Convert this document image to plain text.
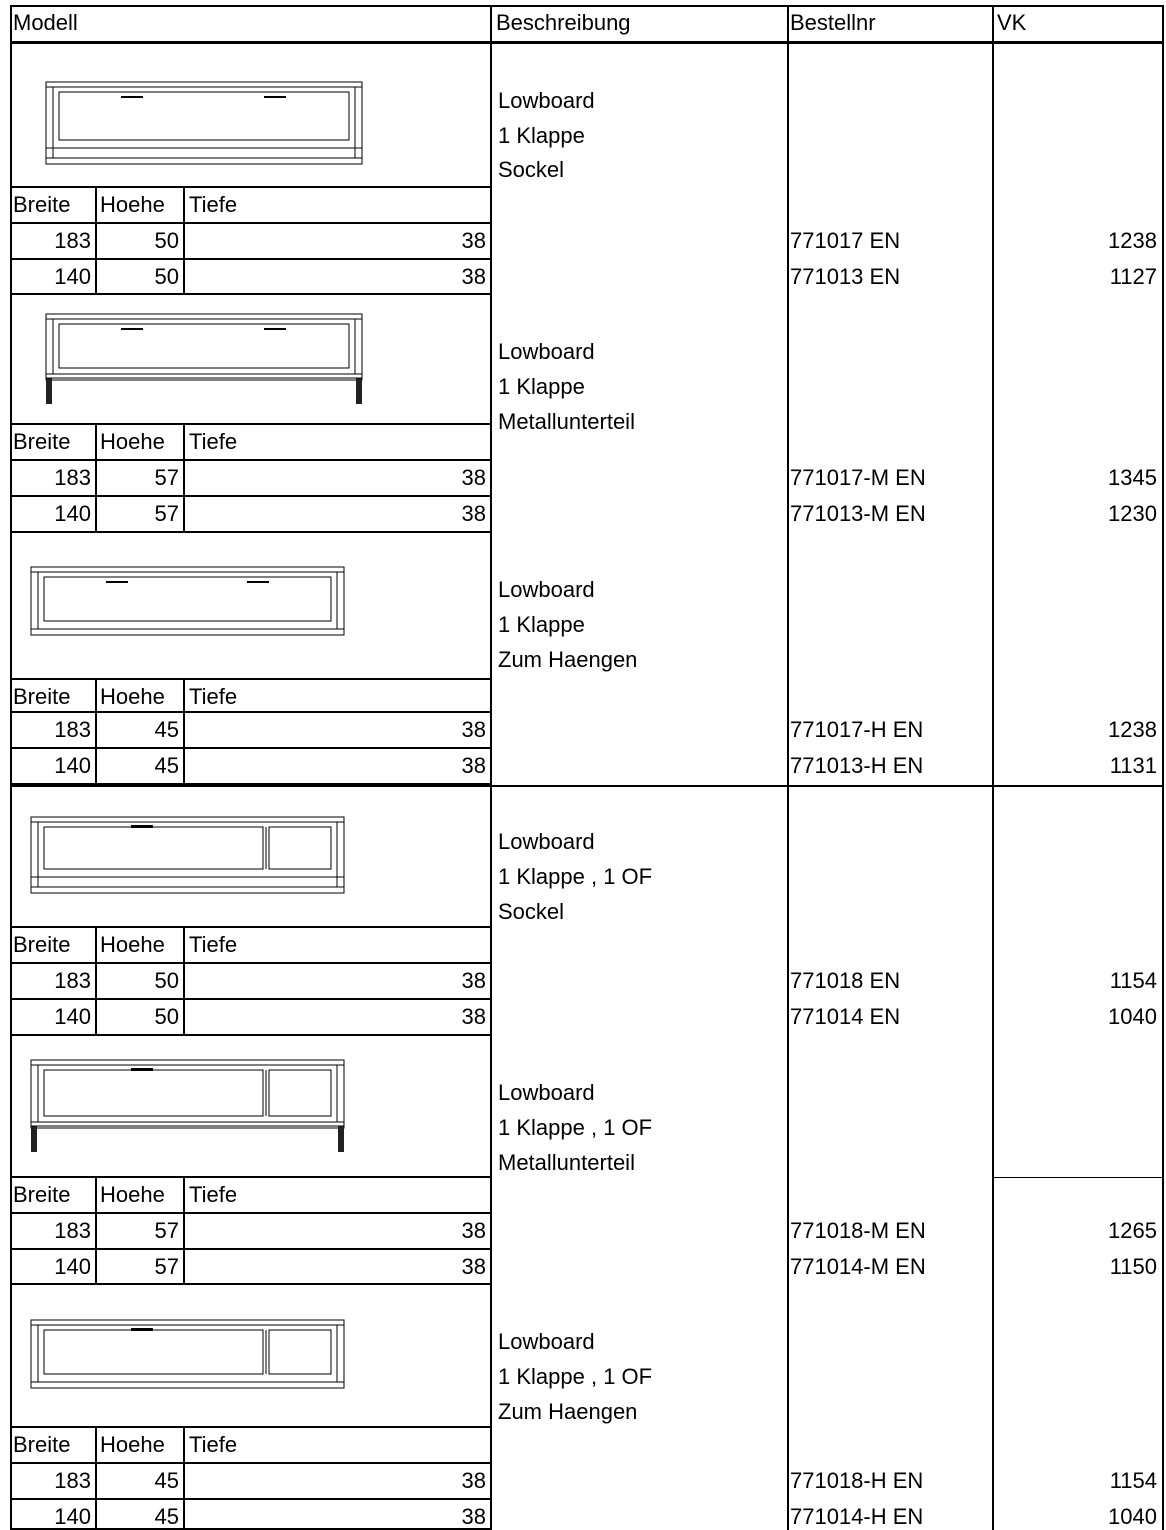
Modell	Beschreibung	Bestellnr	VK
Lowboard
1 Klappe
Sockel
Breite	Hoehe	Tiefe
183	50	38	771017 EN	1238
140	50	38	771013 EN	1127
Lowboard
1 Klappe
Metallunterteil
Breite	Hoehe	Tiefe
183	57	38	771017-M EN	1345
140	57	38	771013-M EN	1230
Lowboard
1 Klappe
Zum Haengen
Breite	Hoehe	Tiefe
183	45	38	771017-H EN	1238
140	45	38	771013-H EN	1131
Lowboard
1 Klappe , 1 OF
Sockel
Breite	Hoehe	Tiefe
183	50	38	771018 EN	1154
140	50	38	771014 EN	1040
Lowboard
1 Klappe , 1 OF
Metallunterteil
Breite	Hoehe	Tiefe
183	57	38	771018-M EN	1265
140	57	38	771014-M EN	1150
Lowboard
1 Klappe , 1 OF
Zum Haengen
Breite	Hoehe	Tiefe
183	45	38	771018-H EN	1154
140	45	38	771014-H EN	1040
